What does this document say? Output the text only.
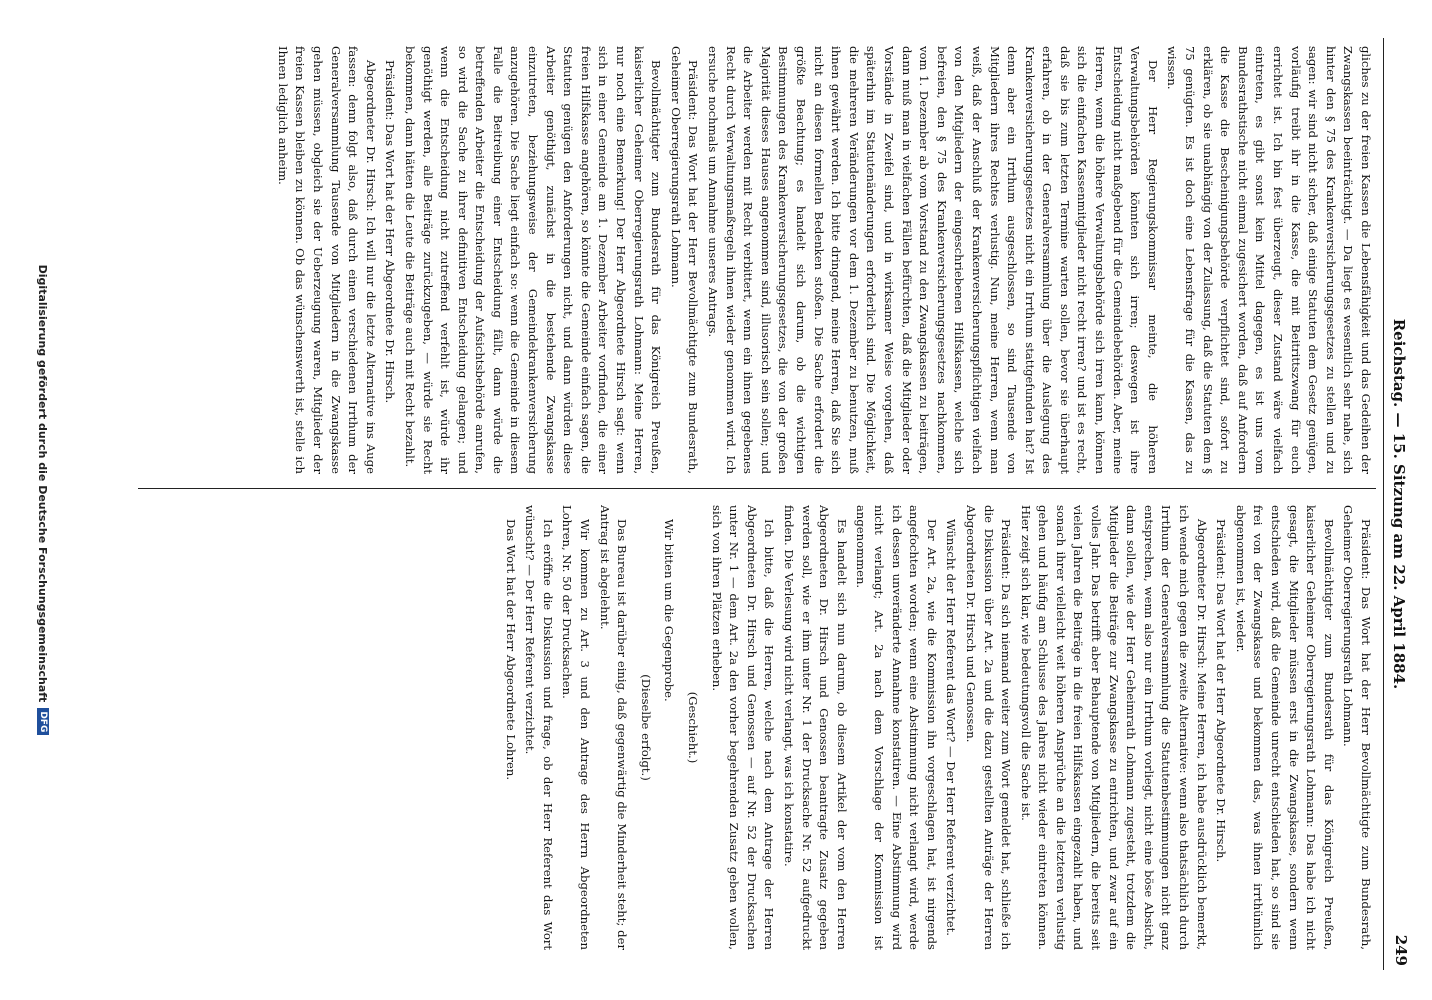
Reichstag. — 15. Sitzung am 22. April 1884.
249

gliches zu der freien Kassen die Lebensfähigkeit und das Gedeihen der Zwangskassen beeinträchtigt. — Da liegt es wesentlich sehr nahe, sich hinter den § 75 des Krankenversicherungsgesetzes zu stellen und zu sagen: wir sind nicht sicher, daß einige Statuten dem Gesetz genügen, vorläufig treibt ihr in die Kasse, die mit Beitrittszwang für euch errichtet ist. Ich bin fest überzeugt, dieser Zustand wäre vielfach eintreten, es gibt sonst kein Mittel dagegen, es ist uns vom Bundesrathstische nicht einmal zugesichert worden, daß auf Anfordern die Kasse die Bescheinigungsbehörde verpflichtet sind, sofort zu erklären, ob sie unabhängig von der Zulassung, daß die Statuten dem § 75 genügten. Es ist doch eine Lebensfrage für die Kassen, das zu wissen.

Der Herr Regierungskommissar meinte, die höheren Verwaltungsbehörden könnten sich irren; deswegen ist ihre Entscheidung nicht maßgebend für die Gemeindebehörden. Aber, meine Herren, wenn die höhere Verwaltungsbehörde sich irren kann, können sich die einfachen Kassenmitglieder nicht recht irren? und ist es recht, daß sie bis zum letzten Termine warten sollen, bevor sie überhaupt erfahren, ob in der Generalversammlung über die Auslegung des Krankenversicherungsgesetzes nicht ein Irrthum stattgefunden hat? Ist denn aber ein Irrthum ausgeschlossen, so sind Tausende von Mitgliedern ihres Rechtes verlustig. Nun, meine Herren, wenn man weiß, daß der Anschluß der Krankenversicherungspflichtigen vielfach von den Mitgliedern der eingeschriebenen Hilfskassen, welche sich befreien, den § 75 des Krankenversicherungsgesetzes nachkommen, vom 1. Dezember ab vom Vorstand zu den Zwangskassen zu beiträgen, dann muß man in vielfachen Fällen befürchten, daß die Mitglieder oder Vorstände in Zweifel sind, und in wirksamer Weise vorgehen, daß späterhin im Statutenänderungen erforderlich sind. Die Möglichkeit, die mehreren Veränderungen vor dem 1. Dezember zu benutzen, muß ihnen gewährt werden. Ich bitte dringend, meine Herren, daß Sie sich nicht an diesen formellen Bedenken stoßen. Die Sache erfordert die größte Beachtung; es handelt sich darum, ob die wichtigen Bestimmungen des Krankenversicherungsgesetzes, die von der großen Majorität dieses Hauses angenommen sind, illusorisch sein sollen; und die Arbeiter werden mit Recht verbittert, wenn ein ihnen gegebenes Recht durch Verwaltungsmaßregeln ihnen wieder genommen wird. Ich ersuche nochmals um Annahme unseres Antrags.

Präsident: Das Wort hat der Herr Bevollmächtigte zum Bundesrath, Geheimer Oberregierungsrath Lohmann.

Bevollmächtigter zum Bundesrath für das Königreich Preußen, kaiserlicher Geheimer Oberregierungsrath Lohmann: Meine Herren, nur noch eine Bemerkung! Der Herr Abgeordnete Hirsch sagt: wenn sich in einer Gemeinde am 1. Dezember Arbeiter vorfinden, die einer freien Hilfskasse angehören, so könnte die Gemeinde einfach sagen, die Statuten genügen den Anforderungen nicht, und dann würden diese Arbeiter genöthigt, zunächst in die bestehende Zwangskasse einzutreten, beziehungsweise der Gemeindekrankenversicherung anzugehören. Die Sache liegt einfach so: wenn die Gemeinde in diesem Falle die Beitreibung einer Entscheidung fällt, dann würde die betreffenden Arbeiter die Entscheidung der Aufsichtsbehörde anrufen, so wird die Sache zu ihrer definitiven Entscheidung gelangen; und wenn die Entscheidung nicht zutreffend verfehlt ist, würde ihr genöthigt werden, alle Beiträge zurückzugeben, — würde sie Recht bekommen, dann hätten die Leute die Beiträge auch mit Recht bezahlt.

Präsident: Das Wort hat der Herr Abgeordnete Dr. Hirsch.

Abgeordneter Dr. Hirsch: Ich will nur die letzte Alternative ins Auge fassen: denn folgt also, daß durch einen verschiedenen Irrthum der Generalversammlung Tausende von Mitgliedern in die Zwangskasse gehen müssen, obgleich sie der Ueberzeugung waren, Mitglieder der freien Kassen bleiben zu können. Ob das wünschenswerth ist, stelle ich Ihnen lediglich anheim.

Präsident: Das Wort hat der Herr Bevollmächtigte zum Bundesrath, Geheimer Oberregierungsrath Lohmann.

Bevollmächtigter zum Bundesrath für das Königreich Preußen, kaiserlicher Geheimer Oberregierungsrath Lohmann: Das habe ich nicht gesagt, die Mitglieder müssen erst in die Zwangskasse, sondern wenn entschieden wird, daß die Gemeinde unrecht entschieden hat, so sind sie frei von der Zwangskasse und bekommen das, was ihnen irrthümlich abgenommen ist, wieder.

Präsident: Das Wort hat der Herr Abgeordnete Dr. Hirsch.

Abgeordneter Dr. Hirsch: Meine Herren, ich habe ausdrücklich bemerkt, ich wende mich gegen die zweite Alternative: wenn also thatsächlich durch Irrthum der Generalversammlung die Statutenbestimmungen nicht ganz entsprechen, wenn also nur ein Irrthum vorliegt, nicht eine böse Absicht, dann sollen, wie der Herr Geheimrath Lohmann zugesteht, trotzdem die Mitglieder die Beiträge zur Zwangskasse zu entrichten, und zwar auf ein volles Jahr. Das betrifft aber Behauptende von Mitgliedern, die bereits seit vielen Jahren die Beiträge in die freien Hilfskassen eingezahlt haben, und sonach ihrer vielleicht weit höheren Ansprüche an die letzteren verlustig gehen und häufig am Schlusse des Jahres nicht wieder eintreten können. Hier zeigt sich klar, wie bedeutungsvoll die Sache ist.

Präsident: Da sich niemand weiter zum Wort gemeldet hat, schließe ich die Diskussion über Art. 2a und die dazu gestellten Anträge der Herren Abgeordneten Dr. Hirsch und Genossen.

Wünscht der Herr Referent das Wort? — Der Herr Referent verzichtet.

Der Art. 2a, wie die Kommission ihn vorgeschlagen hat, ist nirgends angefochten worden; wenn eine Abstimmung nicht verlangt wird, werde ich dessen unveränderte Annahme konstatiren. — Eine Abstimmung wird nicht verlangt; Art. 2a nach dem Vorschlage der Kommission ist angenommen.

Es handelt sich nun darum, ob diesem Artikel der vom den Herren Abgeordneten Dr. Hirsch und Genossen beantragte Zusatz gegeben werden soll, wie er ihm unter Nr. 1 der Drucksache Nr. 52 aufgedruckt finden. Die Verlesung wird nicht verlangt, was ich konstatire.

Ich bitte, daß die Herren, welche nach dem Antrage der Herren Abgeordneten Dr. Hirsch und Genossen — auf Nr. 52 der Drucksachen unter Nr. 1 — dem Art. 2a den vorher begehrenden Zusatz geben wollen, sich von ihren Plätzen erheben.

(Geschieht.)

Wir bitten um die Gegenprobe.

(Dieselbe erfolgt.)

Das Bureau ist darüber einig, daß gegenwärtig die Minderheit steht; der Antrag ist abgelehnt.

Wir kommen zu Art. 3 und den Antrage des Herrn Abgeordneten Lohren, Nr. 50 der Drucksachen.

Ich eröffne die Diskussion und frage, ob der Herr Referent das Wort wünscht? — Der Herr Referent verzichtet.

Das Wort hat der Herr Abgeordnete Lohren.

Digitalisierung gefördert durch die Deutsche Forschungsgemeinschaft
DFG
